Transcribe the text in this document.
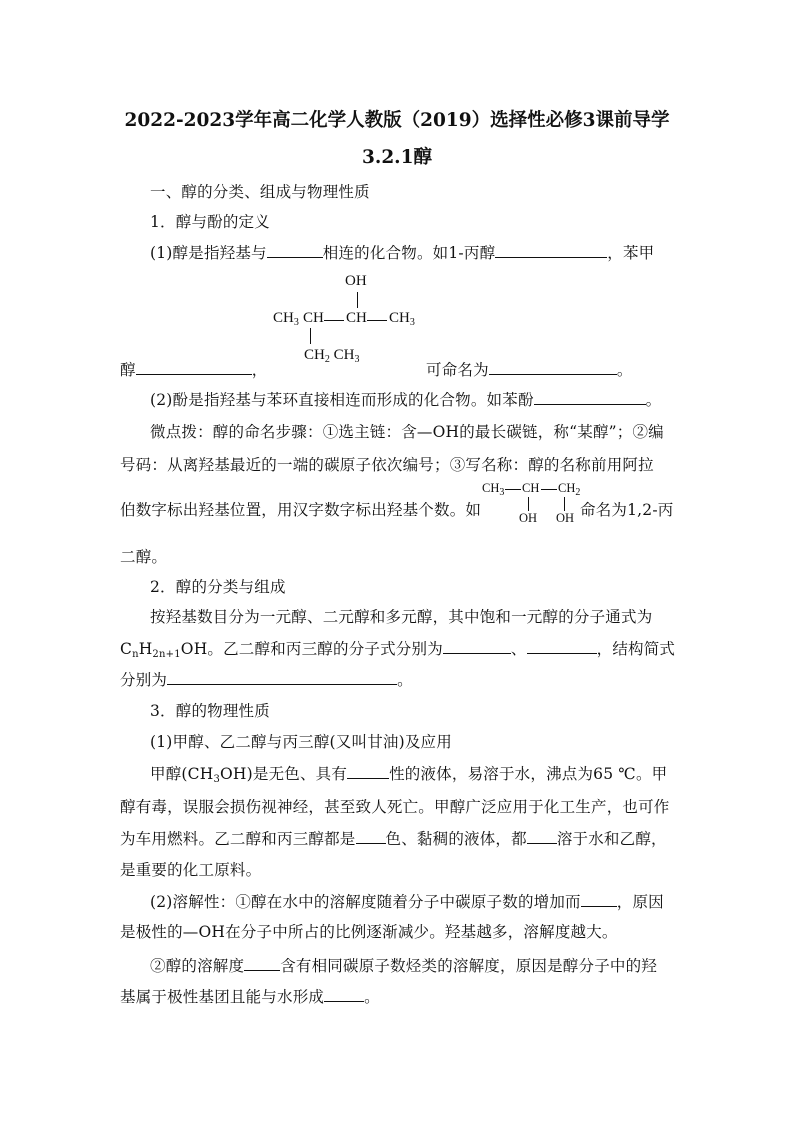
2022-2023学年高二化学人教版（2019）选择性必修3课前导学
3.2.1醇
一、醇的分类、组成与物理性质
1．醇与酚的定义
(1)醇是指羟基与	相连的化合物。如1-丙醇	，苯甲
OH
$CH_3$ CH CH $CH_3$
$CH_2$ $CH_3$
醇	，	可命名为	。
(2)酚是指羟基与苯环直接相连而形成的化合物。如苯酚	。
微点拨：醇的命名步骤：①选主链：含—OH的最长碳链，称“某醇”；②编
号码：从离羟基最近的一端的碳原子依次编号；③写名称：醇的名称前用阿拉
伯数字标出羟基位置，用汉字数字标出羟基个数。如
$CH_3$ CH $CH_2$
OH OH 命名为1,2-丙
二醇。
2．醇的分类与组成
按羟基数目分为一元醇、二元醇和多元醇，其中饱和一元醇的分子通式为
$C_nH_{2n+1}OH$。乙二醇和丙三醇的分子式分别为	、	，结构简式
分别为	。
3．醇的物理性质
(1)甲醇、乙二醇与丙三醇(又叫甘油)及应用
甲醇$(CH_3OH)$是无色、具有	性的液体，易溶于水，沸点为65 ℃。甲
醇有毒，误服会损伤视神经，甚至致人死亡。甲醇广泛应用于化工生产，也可作
为车用燃料。乙二醇和丙三醇都是 色、黏稠的液体，都 溶于水和乙醇，
是重要的化工原料。
(2)溶解性：①醇在水中的溶解度随着分子中碳原子数的增加而 ，原因
是极性的—OH在分子中所占的比例逐渐减少。羟基越多，溶解度越大。
②醇的溶解度 含有相同碳原子数烃类的溶解度，原因是醇分子中的羟
基属于极性基团且能与水形成	。
